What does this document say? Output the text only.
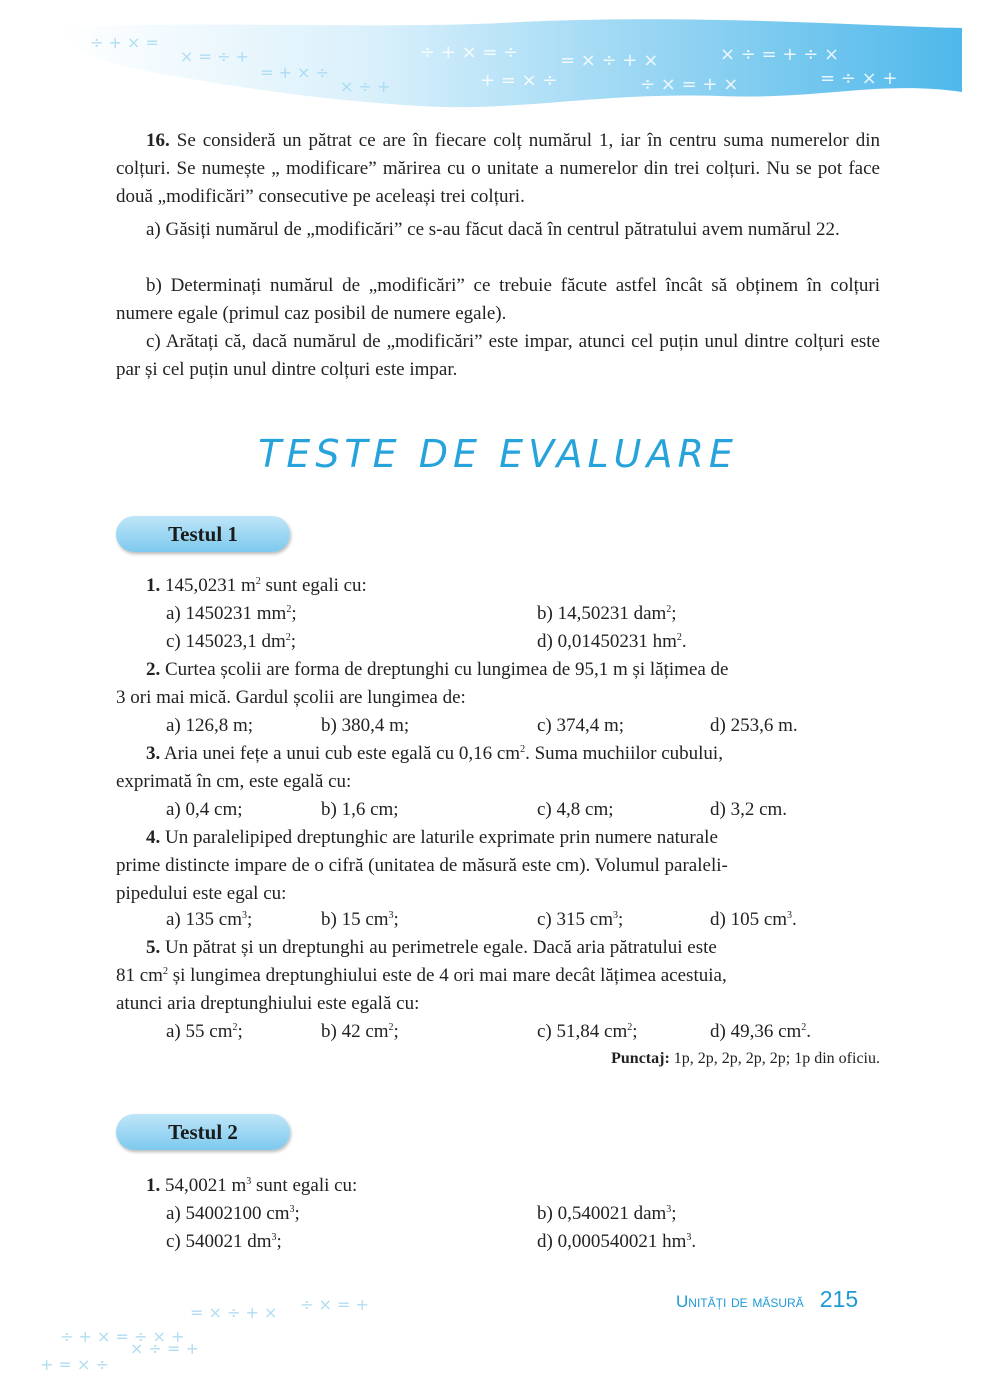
÷ + × = ÷ = × ÷ + ×	× ÷ = + ÷ ×
+ = × ÷	÷ × = + ×	= ÷ × +
÷ + × =
× = ÷ +
= + × ÷
× ÷ +
÷ + × = ÷ × +
= × ÷ + × ÷ × = +
+ = × ÷
× ÷ = +

16. Se consideră un pătrat ce are în fiecare colț numărul 1, iar în centru suma numerelor din colțuri. Se numește „ modificare” mărirea cu o unitate a numerelor din trei colțuri. Nu se pot face două „modificări” consecutive pe aceleași trei colțuri.

a) Găsiți numărul de „modificări” ce s-au făcut dacă în centrul pătratului avem numărul 22.

b) Determinați numărul de „modificări” ce trebuie făcute astfel încât să obținem în colțuri numere egale (primul caz posibil de numere egale).

c) Arătați că, dacă numărul de „modificări” este impar, atunci cel puțin unul dintre colțuri este par și cel puțin unul dintre colțuri este impar.

TESTE DE EVALUARE
Testul 1
1. 145,0231 $m^2$ sunt egali cu:
a) 1450231 $mm^2$;	b) 14,50231 dam$^2$;
c) 145023,1 $dm^2$;	d) 0,01450231 $hm^2$.
2. Curtea școlii are forma de dreptunghi cu lungimea de 95,1 m și lățimea de
3 ori mai mică. Gardul școlii are lungimea de:
a) 126,8 m;	b) 380,4 m;	c) 374,4 m;	d) 253,6 m.
3. Aria unei fețe a unui cub este egală cu 0,16 $cm^2$. Suma muchiilor cubului,
exprimată în cm, este egală cu:
a) 0,4 cm;	b) 1,6 cm;	c) 4,8 cm;	d) 3,2 cm.
4. Un paralelipiped dreptunghic are laturile exprimate prin numere naturale
prime distincte impare de o cifră (unitatea de măsură este cm). Volumul paraleli-
pipedului este egal cu:
a) 135 $cm^3$;	b) 15 $cm^3$;	c) 315 $cm^3$;	d) 105 $cm^3$.
5. Un pătrat și un dreptunghi au perimetrele egale. Dacă aria pătratului este
81 $cm^2$ și lungimea dreptunghiului este de 4 ori mai mare decât lățimea acestuia,
atunci aria dreptunghiului este egală cu:
a) 55 $cm^2$;	b) 42 $cm^2$;	c) 51,84 $cm^2$;	d) 49,36 $cm^2$.
Punctaj: 1p, 2p, 2p, 2p, 2p; 1p din oficiu.
Testul 2
1. 54,0021 $m^3$ sunt egali cu:
a) 54002100 $cm^3$;	b) 0,540021 dam$^3$;
c) 540021 $dm^3$;	d) 0,000540021 $hm^3$.
Unități de măsură 215
